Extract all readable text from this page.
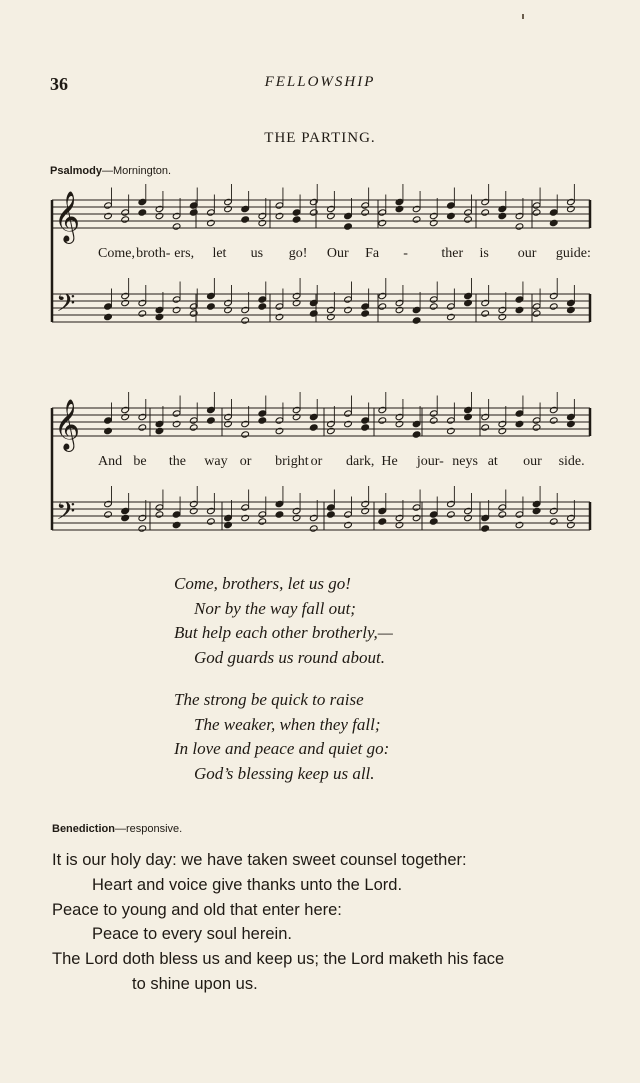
36	FELLOWSHIP
THE PARTING.
Psalmody—Mornington.
𝄞
𝄢
Come, broth- ers, let us go! Our Fa - ther is our guide:
𝄞
𝄢
And be the way or bright or dark, He jour- neys at our side.
Come, brothers, let us go!
Nor by the way fall out;
But help each other brotherly,—
God guards us round about.
The strong be quick to raise
The weaker, when they fall;
In love and peace and quiet go:
God’s blessing keep us all.
Benediction—responsive.
It is our holy day: we have taken sweet counsel together:
Heart and voice give thanks unto the Lord.
Peace to young and old that enter here:
Peace to every soul herein.
The Lord doth bless us and keep us; the Lord maketh his face
to shine upon us.
